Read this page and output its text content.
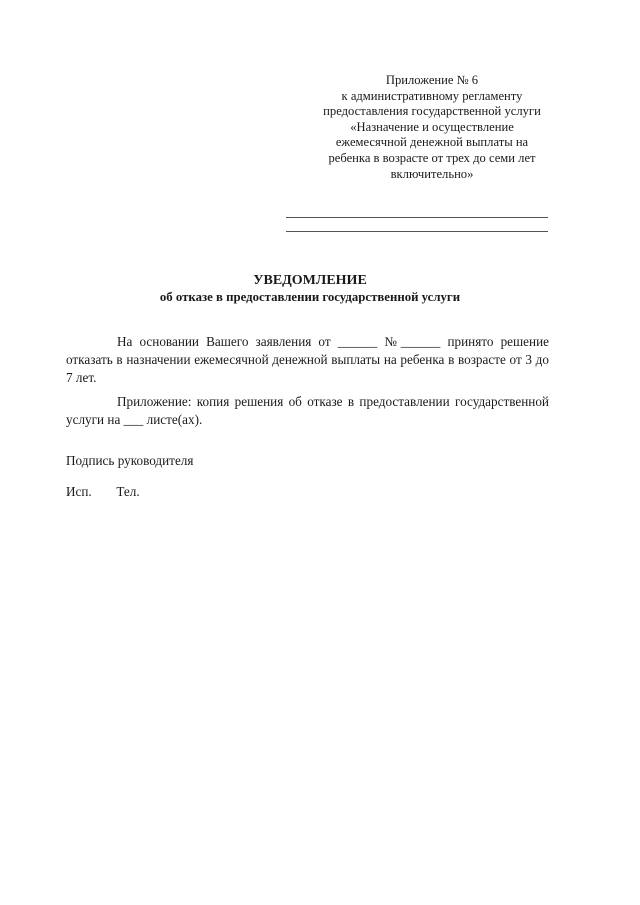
Приложение № 6
к административному регламенту
предоставления государственной услуги
«Назначение и осуществление
ежемесячной денежной выплаты на
ребенка в возрасте от трех до семи лет
включительно»
УВЕДОМЛЕНИЕ
об отказе в предоставлении государственной услуги
На основании Вашего заявления от ______ №______ принято решение отказать в назначении ежемесячной денежной выплаты на ребенка в возрасте от 3 до 7 лет.
Приложение: копия решения об отказе в предоставлении государственной услуги на ___ листе(ах).
Подпись руководителя
Исп. Тел.
